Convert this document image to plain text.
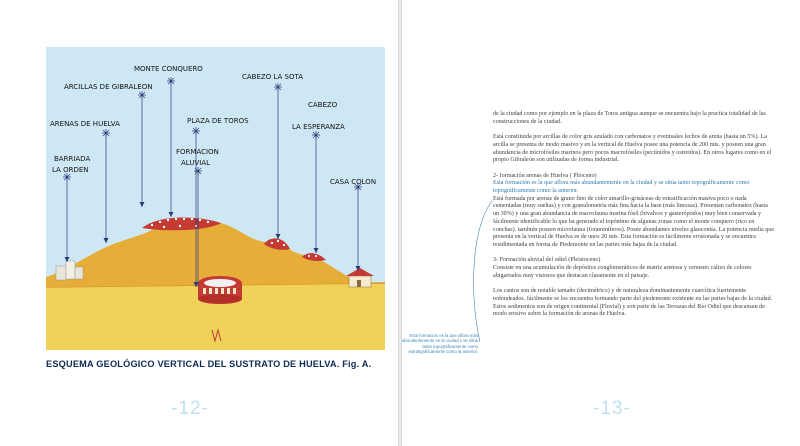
MONTE CONQUERO
ARCILLAS DE GIBRALEON
CABEZO LA SOTA
ARENAS DE HUELVA	PLAZA DE TOROS
CABEZO
LA ESPERANZA
FORMACION
ALUVIAL
BARRIADA
LA ORDEN
CASA COLON
ESQUEMA GEOLÓGICO VERTICAL DEL SUSTRATO DE HUELVA. Fig. A.
-12-	-13-
Esta formación es la que aflora más abundantemente en la ciudad y se sitúa tanto topográficamente como estratigráficamente como la anterior.

de la ciudad como por ejemplo en la plaza de Toros antigua aunque se encuentra bajo la practica totalidad de las construcciones de la ciudad.

Está constituida por arcillas de color gris azulado con carbonatos y eventuales lechos de arena (hasta un 5%). La arcilla se presenta de modo masivo y en la vertical de Huelva posee una potencia de 200 mts. y poseen una gran abundancia de microfósiles marinos pero pocos macrofósiles (pectínidos y ostreidos). En otros lugares como en el propio Gibraleón son utilizadas de forma industrial.

2- formación arenas de Huelva ( Plioceno)

Esta formación es la que aflora más abundantemente en la ciudad y se sitúa tanto topográficamente como topográficamente como la anterior.

Está formada por arenas de grano fino de color amarillo-grisáceas de estratificación masiva poco o nada cementadas (muy sueltas) y con granulometría más fina hacia la base (más limosas). Presentan carbonatos (hasta un 30%) y una gran abundancia de macrofauna marina fósil (bivalvos y gasterópodos) muy bien conservada y fácilmente identificable lo que ha generado el topónimo de algunas zonas como el monte conquero (rico en conchas). también poseen microfauna (foraminíferos). Posee abundantes niveles glauconita. La potencia media que presenta en la vertical de Huelva es de unos 20 mts. Esta formación es fácilmente erosionada y se encuentra residimentada en forma de Piedemonte en las partes más bajas de la ciudad.

3- Formación aluvial del odiel (Pleistoceno)

Consiste en una acumulación de depósitos conglomeráticos de matriz arenosa y cemento calizo de colores abigarrados muy vistosos que destacan claramente en el paisaje.

Los cantos son de notable tamaño (decimétrico) y de naturaleza dominantemente cuarcítica fuertemente redondeados. fácilmente se los encuentra formando parte del piedemonte existente en las partes bajas de la ciudad.

Estos sedimentos son de origen continental (Fluvial) y son parte de las Terrazas del Río Odiel que descansan de modo erosivo sobre la formación de arenas de Huelva.
